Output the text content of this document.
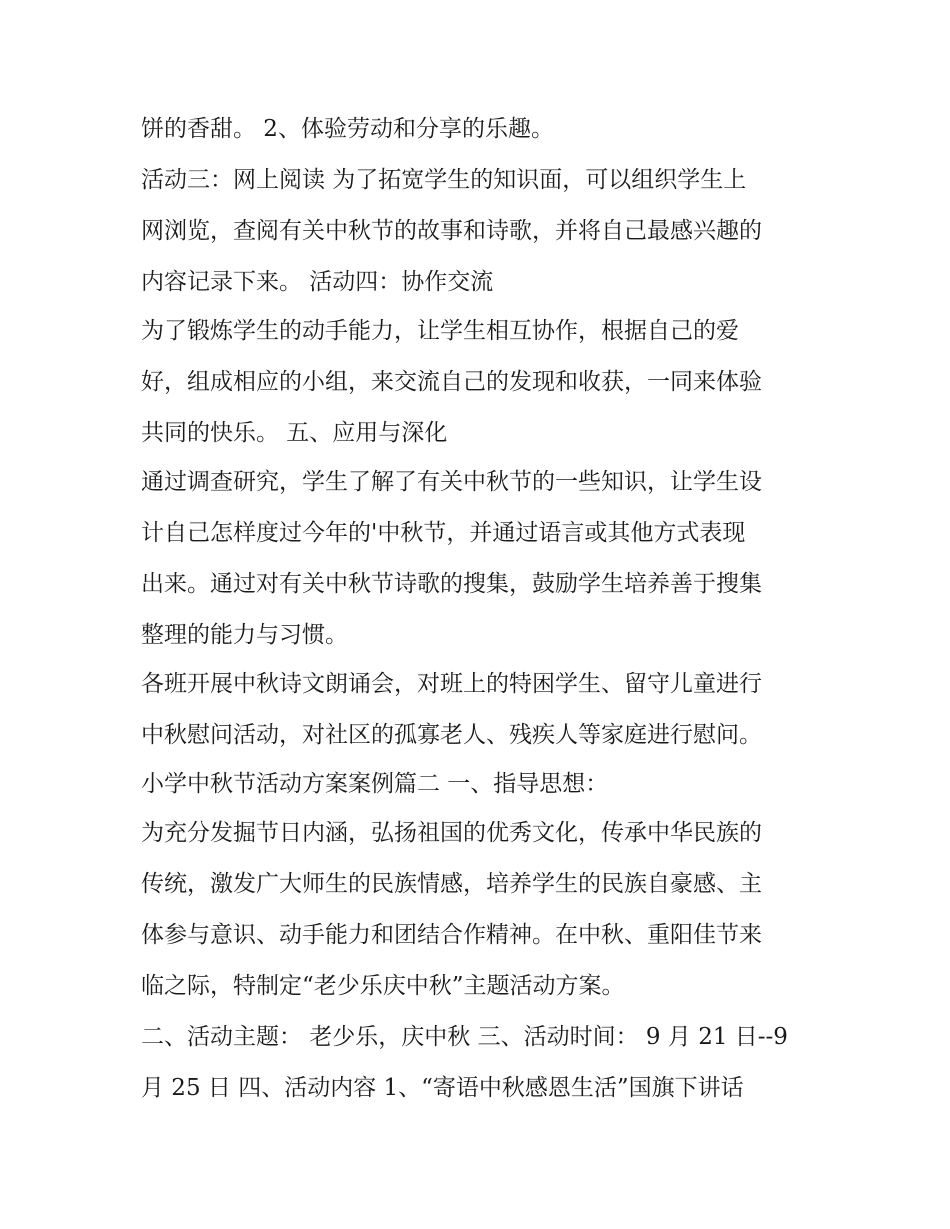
饼的香甜。 2、体验劳动和分享的乐趣。
活动三：网上阅读 为了拓宽学生的知识面，可以组织学生上
网浏览，查阅有关中秋节的故事和诗歌，并将自己最感兴趣的
内容记录下来。 活动四：协作交流
为了锻炼学生的动手能力，让学生相互协作，根据自己的爱
好，组成相应的小组，来交流自己的发现和收获，一同来体验
共同的快乐。 五、应用与深化
通过调查研究，学生了解了有关中秋节的一些知识，让学生设
计自己怎样度过今年的'中秋节，并通过语言或其他方式表现
出来。通过对有关中秋节诗歌的搜集，鼓励学生培养善于搜集
整理的能力与习惯。
各班开展中秋诗文朗诵会，对班上的特困学生、留守儿童进行
中秋慰问活动，对社区的孤寡老人、残疾人等家庭进行慰问。
小学中秋节活动方案案例篇二 一、指导思想：
为充分发掘节日内涵，弘扬祖国的优秀文化，传承中华民族的
传统，激发广大师生的民族情感，培养学生的民族自豪感、主
体参与意识、动手能力和团结合作精神。在中秋、重阳佳节来
临之际，特制定“老少乐庆中秋”主题活动方案。
二、活动主题： 老少乐，庆中秋 三、活动时间： 9 月 21 日--9
月 25 日 四、活动内容 1、“寄语中秋感恩生活”国旗下讲话
